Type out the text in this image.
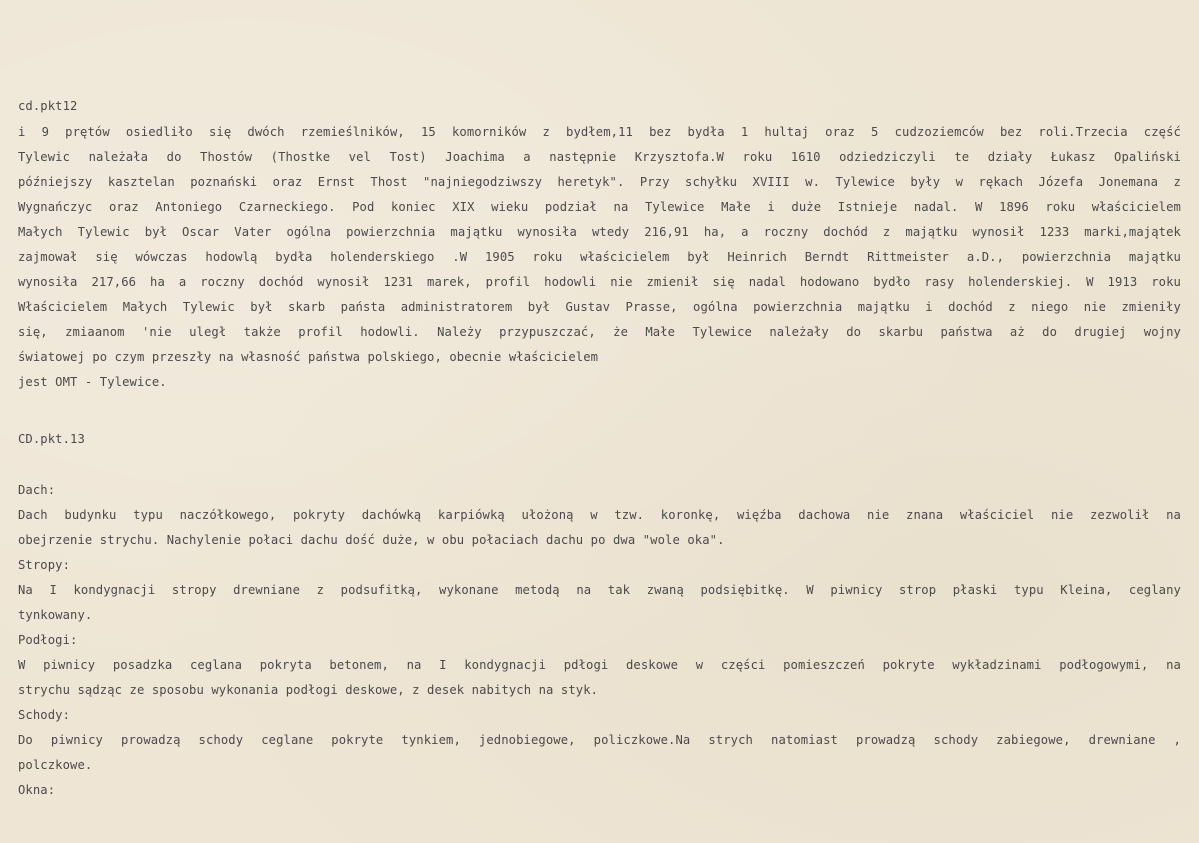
cd.pkt12
i 9 prętów osiedliło się dwóch rzemieślników, 15 komorników z bydłem,11 bez bydła 1 hultaj oraz 5 cudzoziemców bez roli.Trzecia część
Tylewic należała do Thostów (Thostke vel Tost) Joachima a następnie Krzysztofa.W roku 1610 odziedziczyli te działy Łukasz Opaliński
późniejszy kasztelan poznański oraz Ernst Thost "najniegodziwszy heretyk". Przy schyłku XVIII w. Tylewice były w rękach Józefa Jonemana z
Wygnańczyc oraz Antoniego Czarneckiego. Pod koniec XIX wieku podział na Tylewice Małe i duże Istnieje nadal. W 1896 roku właścicielem
Małych Tylewic był Oscar Vater ogólna powierzchnia majątku wynosiła wtedy 216,91 ha, a roczny dochód z majątku wynosił 1233 marki,majątek
zajmował się wówczas hodowlą bydła holenderskiego .W 1905 roku właścicielem był Heinrich Berndt Rittmeister a.D., powierzchnia majątku
wynosiła 217,66 ha a roczny dochód wynosił 1231 marek, profil hodowli nie zmienił się nadal hodowano bydło rasy holenderskiej. W 1913 roku
Właścicielem Małych Tylewic był skarb państa administratorem był Gustav Prasse, ogólna powierzchnia majątku i dochód z niego nie zmieniły
się, zmiaanom 'nie uległ także profil hodowli. Należy przypuszczać, że Małe Tylewice należały do skarbu państwa aż do drugiej wojny
światowej po czym przeszły na własność państwa polskiego, obecnie właścicielem
jest OMT - Tylewice.
CD.pkt.13
Dach:
Dach budynku typu naczółkowego, pokryty dachówką karpiówką ułożoną w tzw. koronkę, więźba dachowa nie znana właściciel nie zezwolił na
obejrzenie strychu. Nachylenie połaci dachu dość duże, w obu połaciach dachu po dwa "wole oka".
Stropy:
Na I kondygnacji stropy drewniane z podsufitką, wykonane metodą na tak zwaną podsiębitkę. W piwnicy strop płaski typu Kleina, ceglany
tynkowany.
Podłogi:
W piwnicy posadzka ceglana pokryta betonem, na I kondygnacji pdłogi deskowe w części pomieszczeń pokryte wykładzinami podłogowymi, na
strychu sądząc ze sposobu wykonania podłogi deskowe, z desek nabitych na styk.
Schody:
Do piwnicy prowadzą schody ceglane pokryte tynkiem, jednobiegowe, policzkowe.Na strych natomiast prowadzą schody zabiegowe, drewniane ,
polczkowe.
Okna:
